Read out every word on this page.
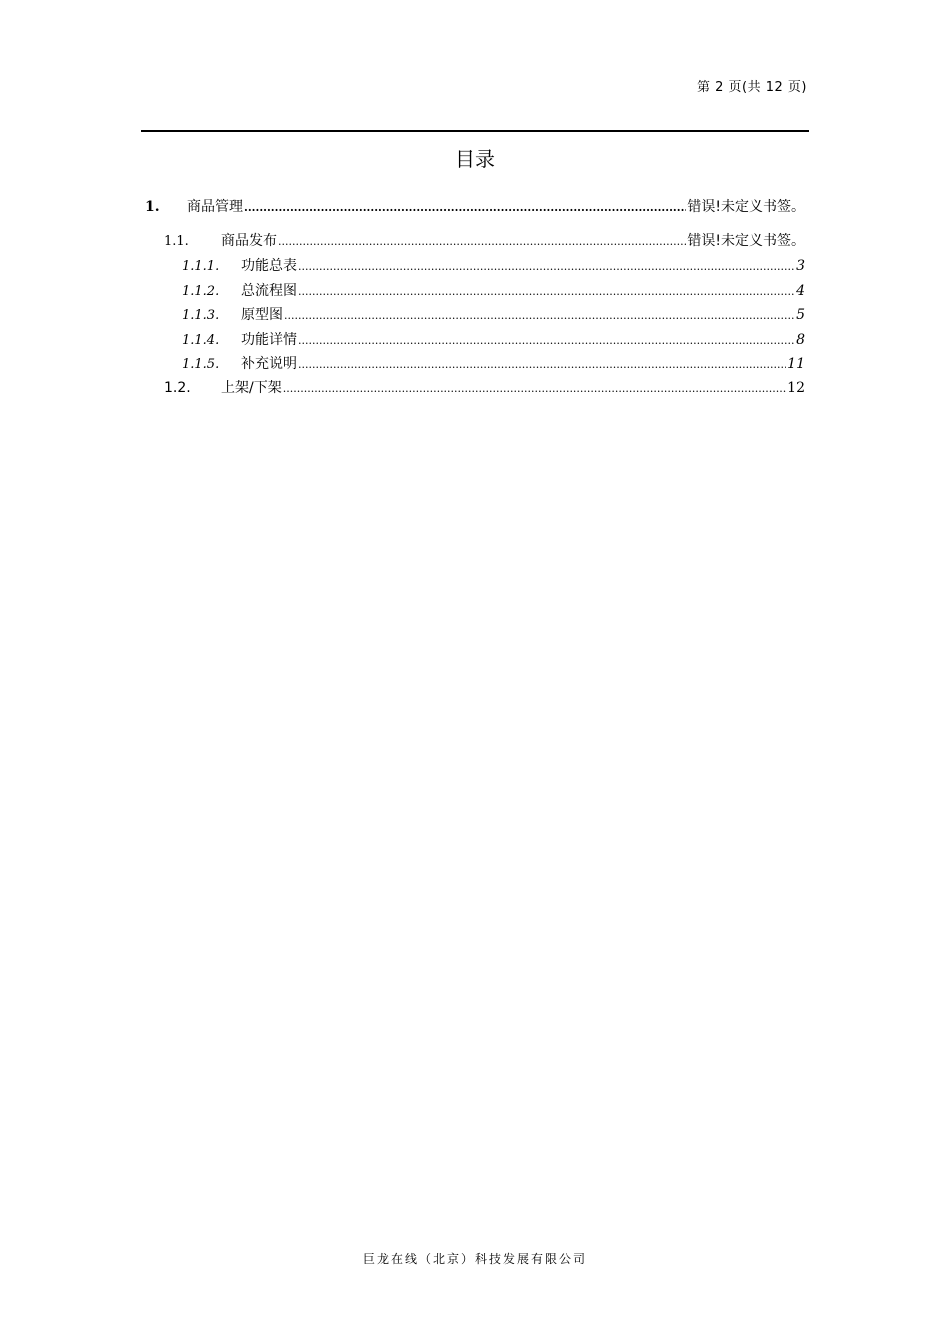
第 2 页(共 12 页)
目录
1.	商品管理 .....	错误!未定义书签。
1.1.	商品发布 .....	错误!未定义书签。
1.1.1.	功能总表 .....	3
1.1.2.	总流程图 .....	4
1.1.3.	原型图 .....	5
1.1.4.	功能详情 .....	8
1.1.5.	补充说明 .....	11
1.2.	上架/下架 .....	12
巨龙在线（北京）科技发展有限公司
